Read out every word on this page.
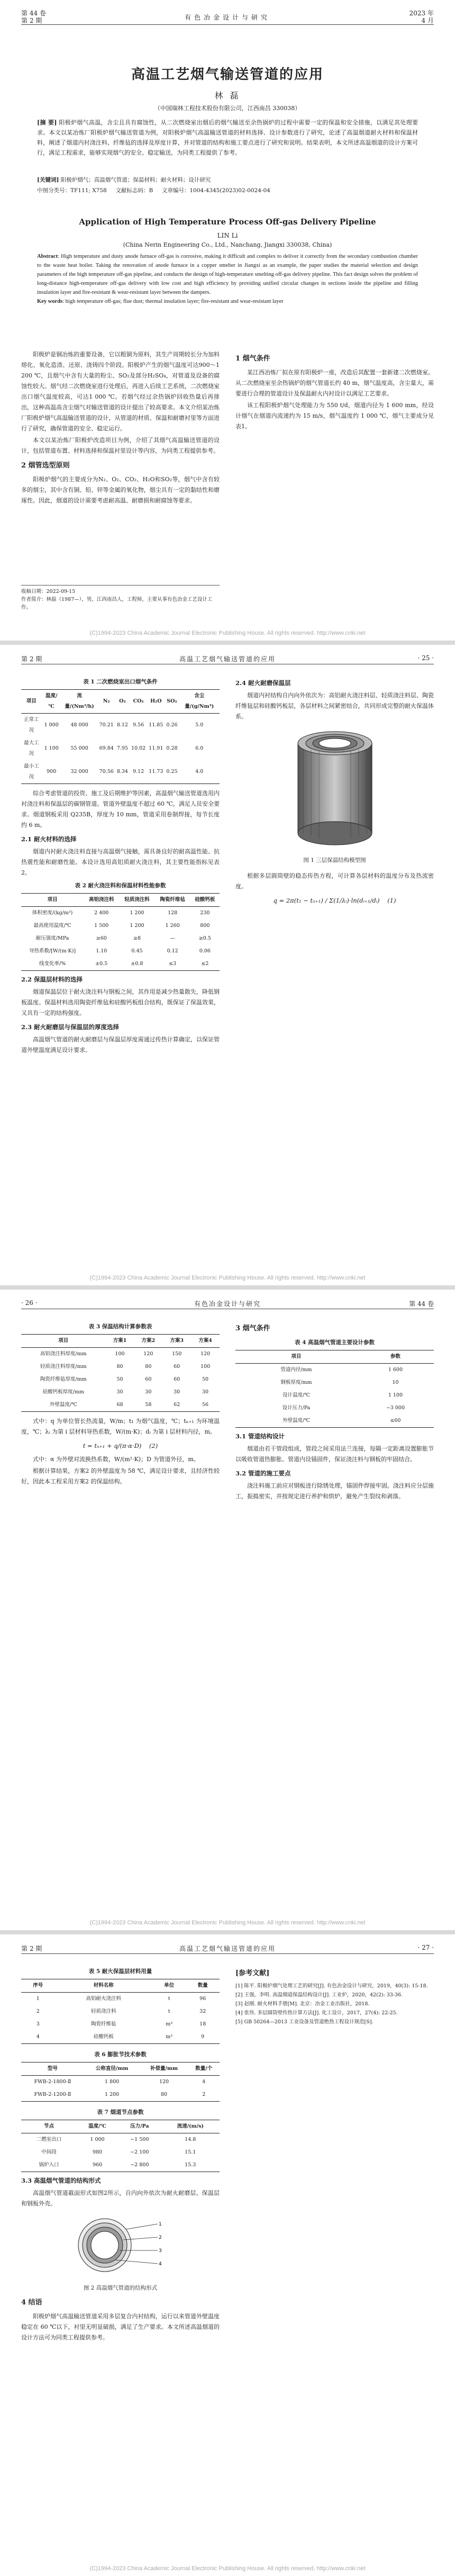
第 44 卷
第 2 期	有色冶金设计与研究
2023 年
4 月
高温工艺烟气输送管道的应用
林 磊
（中国瑞林工程技术股份有限公司，江西南昌 330038）
[摘 要] 阳极炉烟气高温，含尘且具有腐蚀性，从二次燃烧室出烟后的烟气输送至余热锅炉的过程中需要一定的保温和安全措施，以满足其处理要求。本文以某冶炼厂阳极炉烟气输送管道为例，对阳极炉烟气高温输送管道的材料选择、设计参数进行了研究，论述了高温烟道耐火材料和保温材料，阐述了烟道内衬浇注料、纤维毡的选择及厚度计算，并对管道的结构和施工要点进行了研究和说明。结果表明，本文所述高温烟道的设计方案可行，满足工程需求，能够实现烟气的安全、稳定输送，为同类工程提供了参考。
[关键词] 阳极炉烟气；高温烟气管道；保温材料；耐火材料；设计研究
中图分类号：TF111; X758 文献标志码：B 文章编号：1004-4345(2023)02-0024-04
Application of High Temperature Process Off-gas Delivery Pipeline
LIN Li
(China Nerin Engineering Co., Ltd., Nanchang, Jiangxi 330038, China)
Abstract: High temperature and dusty anode furnace off-gas is corrosive, making it difficult and complex to deliver it correctly from the secondary combustion chamber to the waste heat boiler. Taking the renovation of anode furnace in a copper smelter in Jiangxi as an example, the paper studies the material selection and design parameters of the high temperature off-gas pipeline, and conducts the design of high-temperature smelting off-gas delivery pipeline. This fact design solves the problem of long-distance high-temperature off-gas delivery with low cost and high efficiency by providing unified circular changes in sections inside the pipeline and filling insulation layer and fire-resistant & wear-resistant layer between the dampers.
Key words: high temperature off-gas; flue dust; thermal insulation layer; fire-resistant and wear-resistant layer

阳极炉是铜冶炼的重要设备，它以粗铜为原料，其生产周期较长分为加料熔化、氧化造渣、还原、浇铸四个阶段。阳极炉产生的烟气温度可达900～1 200 ℃，且烟气中含有大量的粉尘、SO₂及部分H₂SO₄，对管道及设备的腐蚀性较大。烟气经二次燃烧室进行处理后，再进入后续工艺系统，二次燃烧室出口烟气温度较高，可达1 000 ℃。若烟气经过余热锅炉回收热量后再排出，这种高温高含尘烟气对输送管道的设计提出了较高要求。本文介绍某冶炼厂阳极炉烟气高温输送管道的设计，从管道的材质、保温和耐磨衬里等方面进行了研究，确保管道的安全、稳定运行。

本文以某冶炼厂阳极炉改造项目为例，介绍了其烟气高温输送管道的设计，包括管道布置、材料选择和保温衬里设计等内容，为同类工程提供参考。

2 烟管选型原则

阳极炉烟气的主要成分为N₂、O₂、CO₂、H₂O和SO₂等，烟气中含有较多的烟尘，其中含有铜、铅、锌等金属的氧化物，烟尘具有一定的黏结性和磨琢性。因此，烟道的设计需要考虑耐高温、耐磨损和耐腐蚀等要求。

1 烟气条件

某江西冶炼厂拟在原有阳极炉一座，改造后其配置一套新建二次燃烧室。从二次燃烧室至余热锅炉的烟气管道长约 40 m，烟气温度高，含尘量大，需要进行合理的管道设计及保温耐火内衬设计以满足工艺要求。

该工程阳极炉烟气处理能力为 550 t/d，烟道内径为 1 600 mm，经设计烟气在烟道内流速约为 15 m/s，烟气温度约 1 000 ℃，烟气主要成分见表1。

收稿日期：2022-09-15
作者简介：林磊（1987—），男，江西南昌人，工程师，主要从事有色冶金工艺设计工作。
(C)1994-2023 China Academic Journal Electronic Publishing House. All rights reserved. http://www.cnki.net
第 2 期	高温工艺烟气输送管道的应用	· 25 ·
表 1 二次燃烧室出口烟气条件
项目	温度/℃	流量/(Nm³/h)	N₂	O₂	CO₂	H₂O	SO₂	含尘量/(g/Nm³)
正常工况	1 000	48 000	70.21	8.12	9.56	11.85	0.26	5.0
最大工况	1 100	55 000	69.84	7.95	10.02	11.91	0.28	6.0
最小工况	900	32 000	70.56	8.34	9.12	11.73	0.25	4.0

综合考虑管道的投资、施工及后期维护等因素，高温烟气输送管道选用内衬浇注料和保温层的碳钢管道。管道外壁温度不超过 60 ℃，满足人员安全要求。烟道钢板采用 Q235B，厚度为 10 mm，管道采用卷制焊接，每节长度约 6 m。

2.1 耐火材料的选择

烟道内衬耐火浇注料直接与高温烟气接触，需具备良好的耐高温性能、抗热震性能和耐磨性能。本设计选用高铝质耐火浇注料，其主要性能指标见表2。

表 2 耐火浇注料和保温材料性能参数
项目	高铝浇注料	轻质浇注料	陶瓷纤维毡	硅酸钙板
体积密度/(kg/m³)	2 400	1 200	128	230
最高使用温度/℃	1 500	1 200	1 260	800
耐压强度/MPa	≥60	≥8	—	≥0.5
导热系数/[W/(m·K)]	1.10	0.45	0.12	0.06
线变化率/%	±0.5	±0.8	≤3	≤2
2.2 保温层材料的选择

烟道保温层位于耐火浇注料与钢板之间，其作用是减少热量散失，降低钢板温度。保温材料选用陶瓷纤维毡和硅酸钙板组合结构，既保证了保温效果，又具有一定的结构强度。

2.3 耐火耐磨层与保温层的厚度选择

高温烟气管道的耐火耐磨层与保温层厚度需通过传热计算确定，以保证管道外壁温度满足设计要求。

2.4 耐火耐磨保温层

烟道内衬结构自内向外依次为：高铝耐火浇注料层、轻质浇注料层、陶瓷纤维毡层和硅酸钙板层，各层材料之间紧密结合，共同形成完整的耐火保温体系。

图 1 三层保温结构模型图

根据多层圆筒壁的稳态传热方程，可计算各层材料的温度分布及热流密度。

q = 2π(t₁ − tₙ₊₁) / Σ(1/λᵢ)·ln(dᵢ₊₁/dᵢ) (1)
(C)1994-2023 China Academic Journal Electronic Publishing House. All rights reserved. http://www.cnki.net
· 26 ·	有色冶金设计与研究	第 44 卷
表 3 保温结构计算参数表
项目	方案1	方案2	方案3	方案4
高铝浇注料厚度/mm	100	120	150	120
轻质浇注料厚度/mm	80	80	60	100
陶瓷纤维毡厚度/mm	50	60	60	50
硅酸钙板厚度/mm	30	30	30	30
外壁温度/℃	68	58	62	56

式中：q 为单位管长热流量，W/m；t₁ 为烟气温度，℃；tₙ₊₁ 为环境温度，℃；λᵢ 为第 i 层材料导热系数，W/(m·K)；dᵢ 为第 i 层材料内径，m。

t = tₙ₊₁ + q/(π·α·D) (2)

式中：α 为外壁对流换热系数，W/(m²·K)；D 为管道外径，m。

根据计算结果，方案2 的外壁温度为 58 ℃，满足设计要求，且经济性较好，因此本工程采用方案2 的保温结构。

3 烟气条件
表 4 高温烟气管道主要设计参数
项目	参数
管道内径/mm	1 600
钢板厚度/mm	10
设计温度/℃	1 100
设计压力/Pa	−3 000
外壁温度/℃	≤60
3.1 管道结构设计

烟道由若干管段组成，管段之间采用法兰连接，每隔一定距离设置膨胀节以吸收管道热膨胀。管道内设锚固件，保证浇注料与钢板的牢固结合。

3.2 管道的施工要点

浇注料施工前应对钢板进行除锈处理，锚固件焊接牢固。浇注料应分层施工，振捣密实，并按规定进行养护和烘炉，避免产生裂纹和剥落。

(C)1994-2023 China Academic Journal Electronic Publishing House. All rights reserved. http://www.cnki.net
第 2 期	高温工艺烟气输送管道的应用	· 27 ·
表 5 耐火保温层材料用量
序号	材料名称	单位	数量
1	高铝耐火浇注料	t	96
2	轻质浇注料	t	32
3	陶瓷纤维毡	m³	18
4	硅酸钙板	m³	9
表 6 膨胀节技术参数
型号	公称直径/mm	补偿量/mm	数量/个
FWB-2-1800-Ⅱ	1 800	120	4
FWB-2-1200-Ⅱ	1 200	80	2
表 7 烟道节点参数
节点	温度/℃	压力/Pa	流速/(m/s)
二燃室出口	1 000	−1 500	14.8
中间段	980	−2 100	15.1
锅炉入口	960	−2 800	15.3
3.3 高温烟气管道的结构形式

高温烟气管道截面形式如图2所示，自内向外依次为耐火耐磨层、保温层和钢板外壳。

1
2
3
4
图 2 高温烟气管道的结构形式
4 结语

阳极炉烟气高温输送管道采用多层复合内衬结构，运行以来管道外壁温度稳定在 60 ℃以下，衬里无明显破损，满足了生产要求。本文所述高温烟道的设计方法可为同类工程提供参考。

[参考文献]
[1] 陈平. 阳极炉烟气处理工艺的研究[J]. 有色冶金设计与研究，2019，40(3): 15-18.
[2] 王强，李明. 高温烟道保温结构设计[J]. 工业炉，2020，42(2): 33-36.
[3] 赵刚. 耐火材料手册[M]. 北京：冶金工业出版社，2018.
[4] 张伟. 多层圆筒壁传热计算方法[J]. 化工设计，2017，27(4): 22-25.
[5] GB 50264—2013 工业设备及管道绝热工程设计规范[S].
(C)1994-2023 China Academic Journal Electronic Publishing House. All rights reserved. http://www.cnki.net
